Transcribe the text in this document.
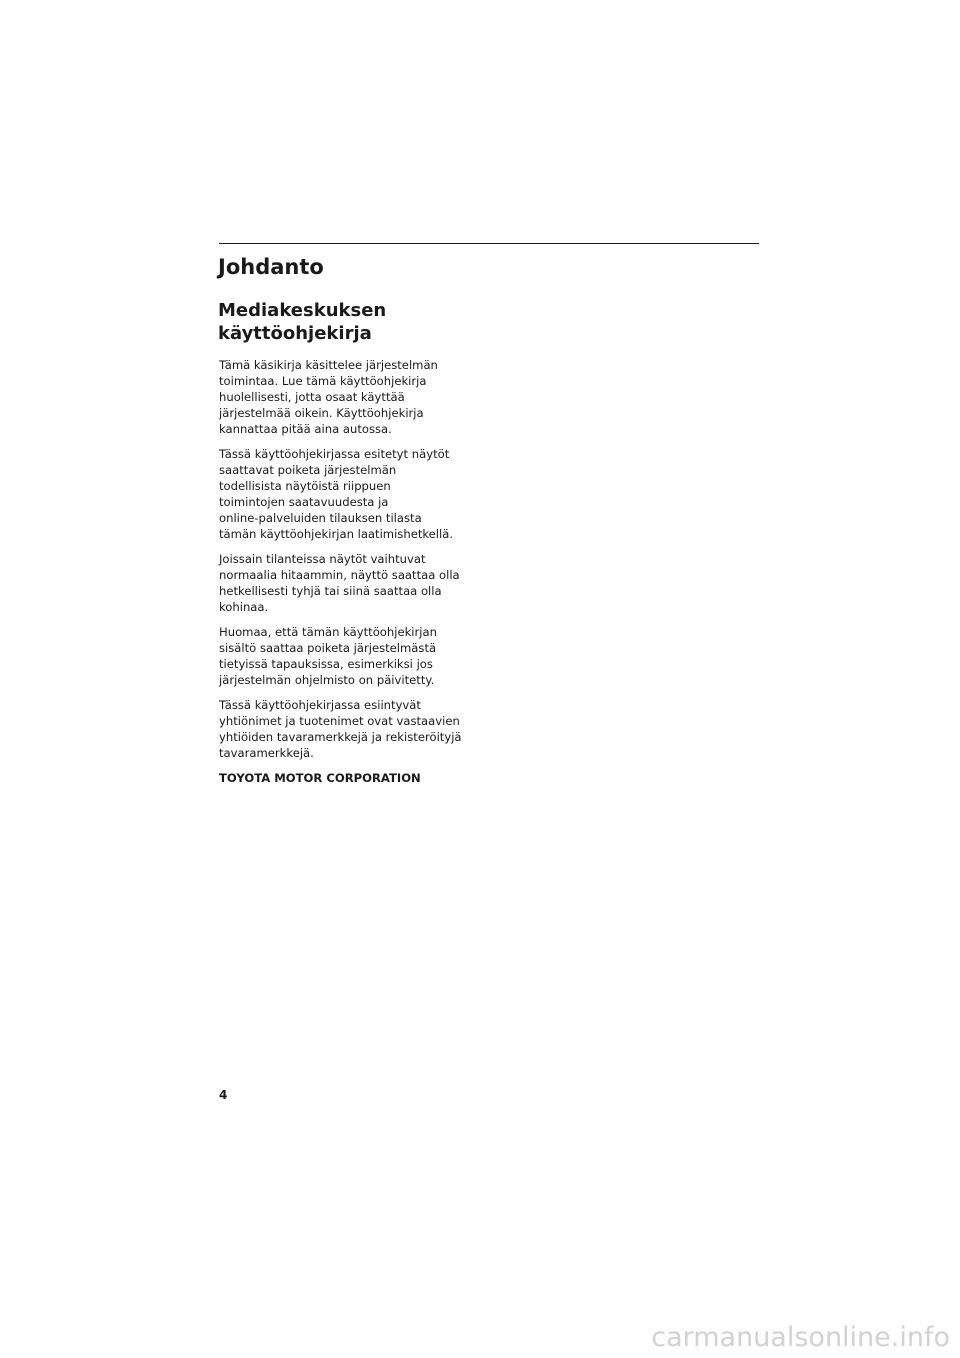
Johdanto
Mediakeskuksen
käyttöohjekirja

Tämä käsikirja käsittelee järjestelmän
toimintaa. Lue tämä käyttöohjekirja
huolellisesti, jotta osaat käyttää
järjestelmää oikein. Käyttöohjekirja
kannattaa pitää aina autossa.

Tässä käyttöohjekirjassa esitetyt näytöt
saattavat poiketa järjestelmän
todellisista näytöistä riippuen
toimintojen saatavuudesta ja
online-palveluiden tilauksen tilasta
tämän käyttöohjekirjan laatimishetkellä.

Joissain tilanteissa näytöt vaihtuvat
normaalia hitaammin, näyttö saattaa olla
hetkellisesti tyhjä tai siinä saattaa olla
kohinaa.

Huomaa, että tämän käyttöohjekirjan
sisältö saattaa poiketa järjestelmästä
tietyissä tapauksissa, esimerkiksi jos
järjestelmän ohjelmisto on päivitetty.

Tässä käyttöohjekirjassa esiintyvät
yhtiönimet ja tuotenimet ovat vastaavien
yhtiöiden tavaramerkkejä ja rekisteröityjä
tavaramerkkejä.

TOYOTA MOTOR CORPORATION

4
carmanualsonline.info
